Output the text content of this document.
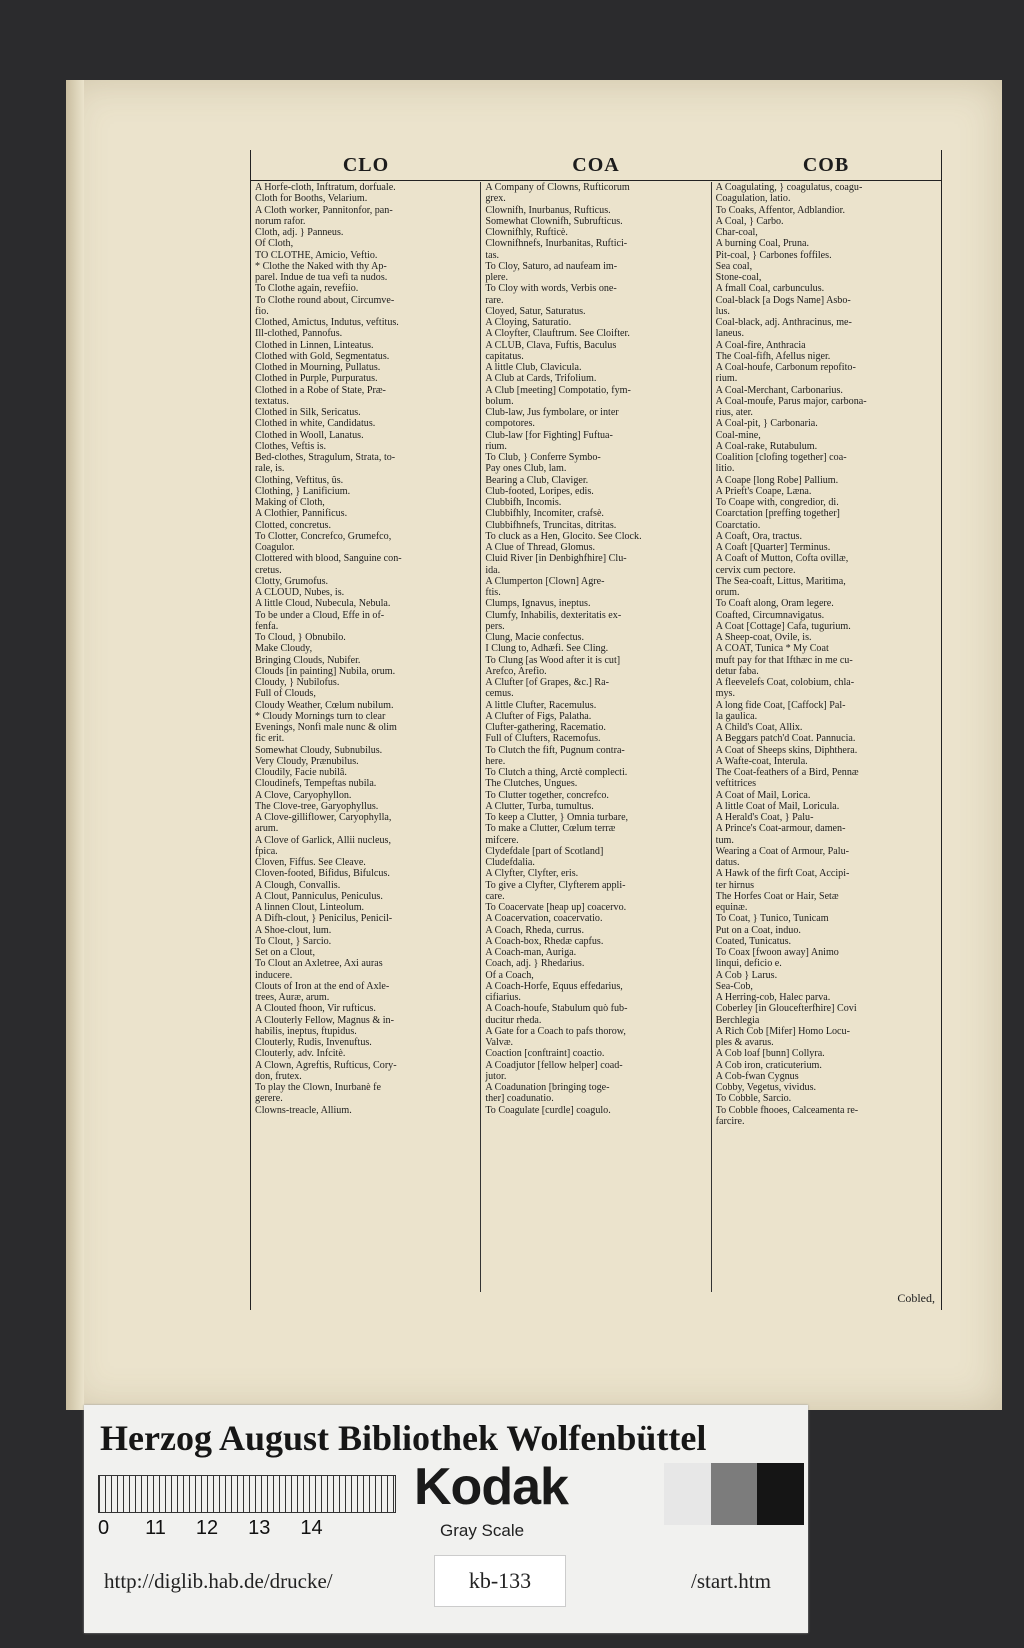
CLO	COA	COB
A Horfe-cloth, Inftratum, dorfuale.
Cloth for Booths, Velarium.
A Cloth worker, Pannitonfor, pan-
norum rafor.
Cloth, adj. } Panneus.
Of Cloth,
TO CLOTHE, Amicio, Veftio.
* Clothe the Naked with thy Ap-
parel. Indue de tua vefi ta nudos.
To Clothe again, revefiio.
To Clothe round about, Circumve-
fio.
Clothed, Amictus, Indutus, veftitus.
Ill-clothed, Pannofus.
Clothed in Linnen, Linteatus.
Clothed with Gold, Segmentatus.
Clothed in Mourning, Pullatus.
Clothed in Purple, Purpuratus.
Clothed in a Robe of State, Præ-
textatus.
Clothed in Silk, Sericatus.
Clothed in white, Candidatus.
Clothed in Wooll, Lanatus.
Clothes, Veftis is.
Bed-clothes, Stragulum, Strata, to-
rale, is.
Clothing, Veftitus, ûs.
Clothing, } Lanificium.
Making of Cloth,
A Clothier, Pannificus.
Clotted, concretus.
To Clotter, Concrefco, Grumefco,
Coagulor.
Clottered with blood, Sanguine con-
cretus.
Clotty, Grumofus.
A CLOUD, Nubes, is.
A little Cloud, Nubecula, Nebula.
To be under a Cloud, Effe in of-
fenfa.
To Cloud, } Obnubilo.
Make Cloudy,
Bringing Clouds, Nubifer.
Clouds [in painting] Nubila, orum.
Cloudy, } Nubilofus.
Full of Clouds,
Cloudy Weather, Cœlum nubilum.
* Cloudy Mornings turn to clear
Evenings, Nonfi male nunc & olim
fic erit.
Somewhat Cloudy, Subnubilus.
Very Cloudy, Prænubilus.
Cloudily, Facie nubilâ.
Cloudinefs, Tempeftas nubila.
A Clove, Caryophyllon.
The Clove-tree, Garyophyllus.
A Clove-gilliflower, Caryophylla,
arum.
A Clove of Garlick, Allii nucleus,
fpica.
Cloven, Fiffus. See Cleave.
Cloven-footed, Bifidus, Bifulcus.
A Clough, Convallis.
A Clout, Panniculus, Peniculus.
A linnen Clout, Linteolum.
A Difh-clout, } Penicilus, Penicil-
A Shoe-clout, lum.
To Clout, } Sarcio.
Set on a Clout,
To Clout an Axletree, Axi auras
inducere.
Clouts of Iron at the end of Axle-
trees, Auræ, arum.
A Clouted fhoon, Vir rufticus.
A Clouterly Fellow, Magnus & in-
habilis, ineptus, ftupidus.
Clouterly, Rudis, Invenuftus.
Clouterly, adv. Infcitè.
A Clown, Agreftis, Rufticus, Cory-
don, frutex.
To play the Clown, Inurbanè fe
gerere.
Clowns-treacle, Allium.
A Company of Clowns, Rufticorum
grex.
Clownifh, Inurbanus, Rufticus.
Somewhat Clownifh, Subrufticus.
Clownifhly, Rufticè.
Clownifhnefs, Inurbanitas, Ruftici-
tas.
To Cloy, Saturo, ad naufeam im-
plere.
To Cloy with words, Verbis one-
rare.
Cloyed, Satur, Saturatus.
A Cloying, Saturatio.
A Cloyfter, Clauftrum. See Cloifter.
A CLUB, Clava, Fuftis, Baculus
capitatus.
A little Club, Clavicula.
A Club at Cards, Trifolium.
A Club [meeting] Compotatio, fym-
bolum.
Club-law, Jus fymbolare, or inter
compotores.
Club-law [for Fighting] Fuftua-
rium.
To Club, } Conferre Symbo-
Pay ones Club, lam.
Bearing a Club, Claviger.
Club-footed, Loripes, edis.
Clubbifh, Incomis.
Clubbifhly, Incomiter, crafsè.
Clubbifhnefs, Truncitas, ditritas.
To cluck as a Hen, Glocito. See Clock.
A Clue of Thread, Glomus.
Cluid River [in Denbighfhire] Clu-
ida.
A Clumperton [Clown] Agre-
ftis.
Clumps, Ignavus, ineptus.
Clumfy, Inhabilis, dexteritatis ex-
pers.
Clung, Macie confectus.
I Clung to, Adhæfi. See Cling.
To Clung [as Wood after it is cut]
Arefco, Arefio.
A Clufter [of Grapes, &c.] Ra-
cemus.
A little Clufter, Racemulus.
A Clufter of Figs, Palatha.
Clufter-gathering, Racematio.
Full of Clufters, Racemofus.
To Clutch the fift, Pugnum contra-
here.
To Clutch a thing, Arctè complecti.
The Clutches, Ungues.
To Clutter together, concrefco.
A Clutter, Turba, tumultus.
To keep a Clutter, } Omnia turbare,
To make a Clutter, Cœlum terræ
mifcere.
Clydefdale [part of Scotland]
Cludefdalia.
A Clyfter, Clyfter, eris.
To give a Clyfter, Clyfterem appli-
care.
To Coacervate [heap up] coacervo.
A Coacervation, coacervatio.
A Coach, Rheda, currus.
A Coach-box, Rhedæ capfus.
A Coach-man, Auriga.
Coach, adj. } Rhedarius.
Of a Coach,
A Coach-Horfe, Equus effedarius,
cifiarius.
A Coach-houfe, Stabulum quò fub-
ducitur rheda.
A Gate for a Coach to pafs thorow,
Valvæ.
Coaction [conftraint] coactio.
A Coadjutor [fellow helper] coad-
jutor.
A Coadunation [bringing toge-
ther] coadunatio.
To Coagulate [curdle] coagulo.
A Coagulating, } coagulatus, coagu-
Coagulation, latio.
To Coaks, Affentor, Adblandior.
A Coal, } Carbo.
Char-coal,
A burning Coal, Pruna.
Pit-coal, } Carbones foffiles.
Sea coal,
Stone-coal,
A fmall Coal, carbunculus.
Coal-black [a Dogs Name] Asbo-
lus.
Coal-black, adj. Anthracinus, me-
laneus.
A Coal-fire, Anthracia
The Coal-fifh, Afellus niger.
A Coal-houfe, Carbonum repofito-
rium.
A Coal-Merchant, Carbonarius.
A Coal-moufe, Parus major, carbona-
rius, ater.
A Coal-pit, } Carbonaria.
Coal-mine,
A Coal-rake, Rutabulum.
Coalition [clofing together] coa-
litio.
A Coape [long Robe] Pallium.
A Prieft's Coape, Læna.
To Coape with, congredior, di.
Coarctation [preffing together]
Coarctatio.
A Coaft, Ora, tractus.
A Coaft [Quarter] Terminus.
A Coaft of Mutton, Cofta ovillæ,
cervix cum pectore.
The Sea-coaft, Littus, Maritima,
orum.
To Coaft along, Oram legere.
Coafted, Circumnavigatus.
A Coat [Cottage] Cafa, tugurium.
A Sheep-coat, Ovile, is.
A COAT, Tunica * My Coat
muft pay for that Ifthæc in me cu-
detur faba.
A fleevelefs Coat, colobium, chla-
mys.
A long fide Coat, [Caffock] Pal-
la gaulica.
A Child's Coat, Allix.
A Beggars patch'd Coat. Pannucia.
A Coat of Sheeps skins, Diphthera.
A Wafte-coat, Interula.
The Coat-feathers of a Bird, Pennæ
veftitrices
A Coat of Mail, Lorica.
A little Coat of Mail, Loricula.
A Herald's Coat, } Palu-
A Prince's Coat-armour, damen-
tum.
Wearing a Coat of Armour, Palu-
datus.
A Hawk of the firft Coat, Accipi-
ter hirnus
The Horfes Coat or Hair, Setæ
equinæ.
To Coat, } Tunico, Tunicam
Put on a Coat, induo.
Coated, Tunicatus.
To Coax [fwoon away] Animo
linqui, deficio e.
A Cob } Larus.
Sea-Cob,
A Herring-cob, Halec parva.
Coberley [in Gloucefterfhire] Covi
Berchlegia
A Rich Cob [Mifer] Homo Locu-
ples & avarus.
A Cob loaf [bunn] Collyra.
A Cob iron, craticuterium.
A Cob-fwan Cygnus
Cobby, Vegetus, vividus.
To Cobble, Sarcio.
To Cobble fhooes, Calceamenta re-
farcire.
Cobled,
Herzog August Bibliothek Wolfenbüttel
0 11 12 13 14
Kodak
Gray Scale
http://diglib.hab.de/drucke/	kb-133	/start.htm
